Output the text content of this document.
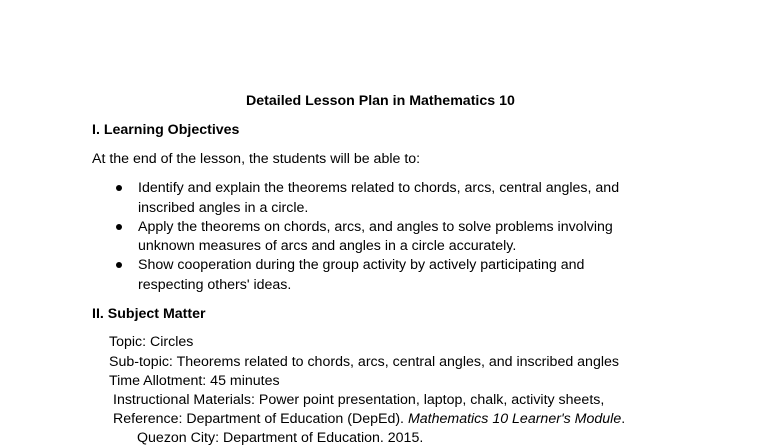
Detailed Lesson Plan in Mathematics 10
I. Learning Objectives
At the end of the lesson, the students will be able to:
Identify and explain the theorems related to chords, arcs, central angles, and
inscribed angles in a circle.
Apply the theorems on chords, arcs, and angles to solve problems involving
unknown measures of arcs and angles in a circle accurately.
Show cooperation during the group activity by actively participating and
respecting others' ideas.
II. Subject Matter
Topic: Circles
Sub-topic: Theorems related to chords, arcs, central angles, and inscribed angles
Time Allotment: 45 minutes
Instructional Materials: Power point presentation, laptop, chalk, activity sheets,
Reference: Department of Education (DepEd). Mathematics 10 Learner's Module.
Quezon City: Department of Education. 2015.
